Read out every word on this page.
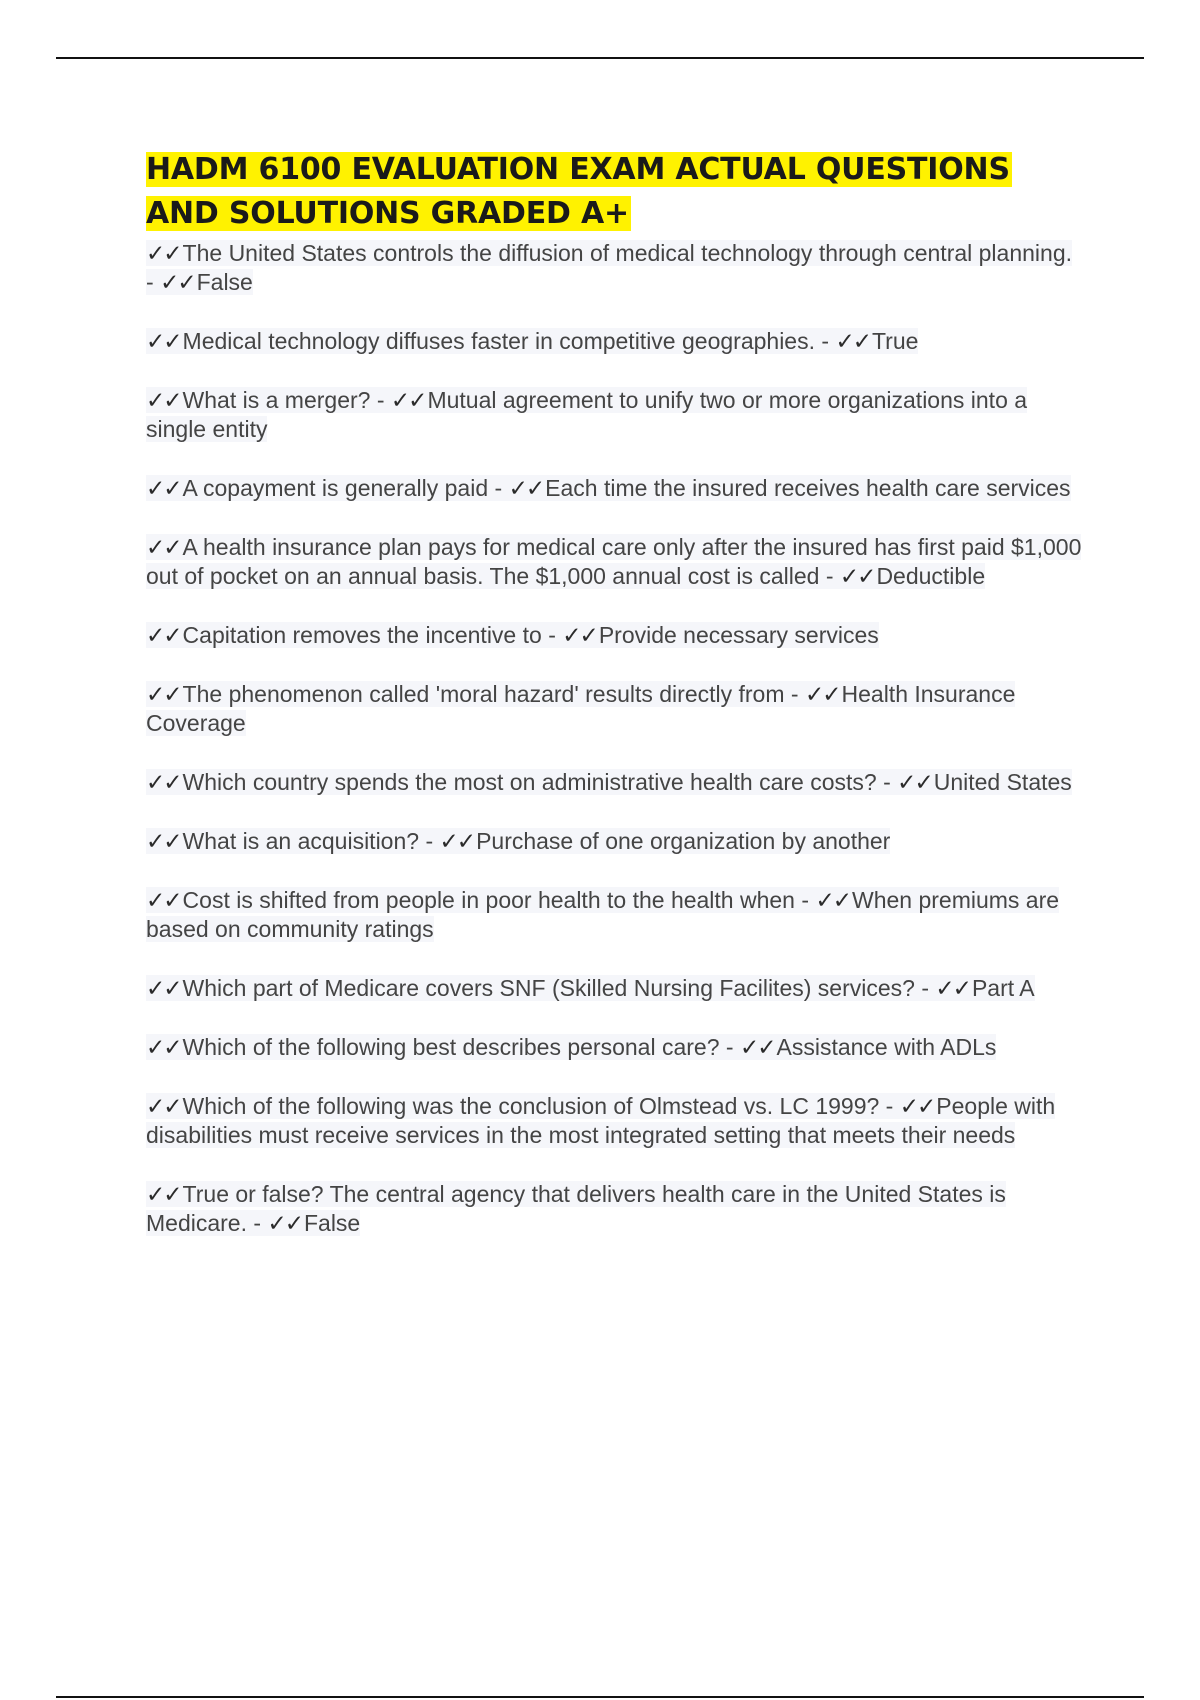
HADM 6100 EVALUATION EXAM ACTUAL QUESTIONS AND SOLUTIONS GRADED A+
✓✓The United States controls the diffusion of medical technology through central planning. - ✓✓False
✓✓Medical technology diffuses faster in competitive geographies. - ✓✓True
✓✓What is a merger? - ✓✓Mutual agreement to unify two or more organizations into a single entity
✓✓A copayment is generally paid - ✓✓Each time the insured receives health care services
✓✓A health insurance plan pays for medical care only after the insured has first paid $1,000 out of pocket on an annual basis. The $1,000 annual cost is called - ✓✓Deductible
✓✓Capitation removes the incentive to - ✓✓Provide necessary services
✓✓The phenomenon called 'moral hazard' results directly from - ✓✓Health Insurance Coverage
✓✓Which country spends the most on administrative health care costs? - ✓✓United States
✓✓What is an acquisition? - ✓✓Purchase of one organization by another
✓✓Cost is shifted from people in poor health to the health when - ✓✓When premiums are based on community ratings
✓✓Which part of Medicare covers SNF (Skilled Nursing Facilites) services? - ✓✓Part A
✓✓Which of the following best describes personal care? - ✓✓Assistance with ADLs
✓✓Which of the following was the conclusion of Olmstead vs. LC 1999? - ✓✓People with disabilities must receive services in the most integrated setting that meets their needs
✓✓True or false? The central agency that delivers health care in the United States is Medicare. - ✓✓False
